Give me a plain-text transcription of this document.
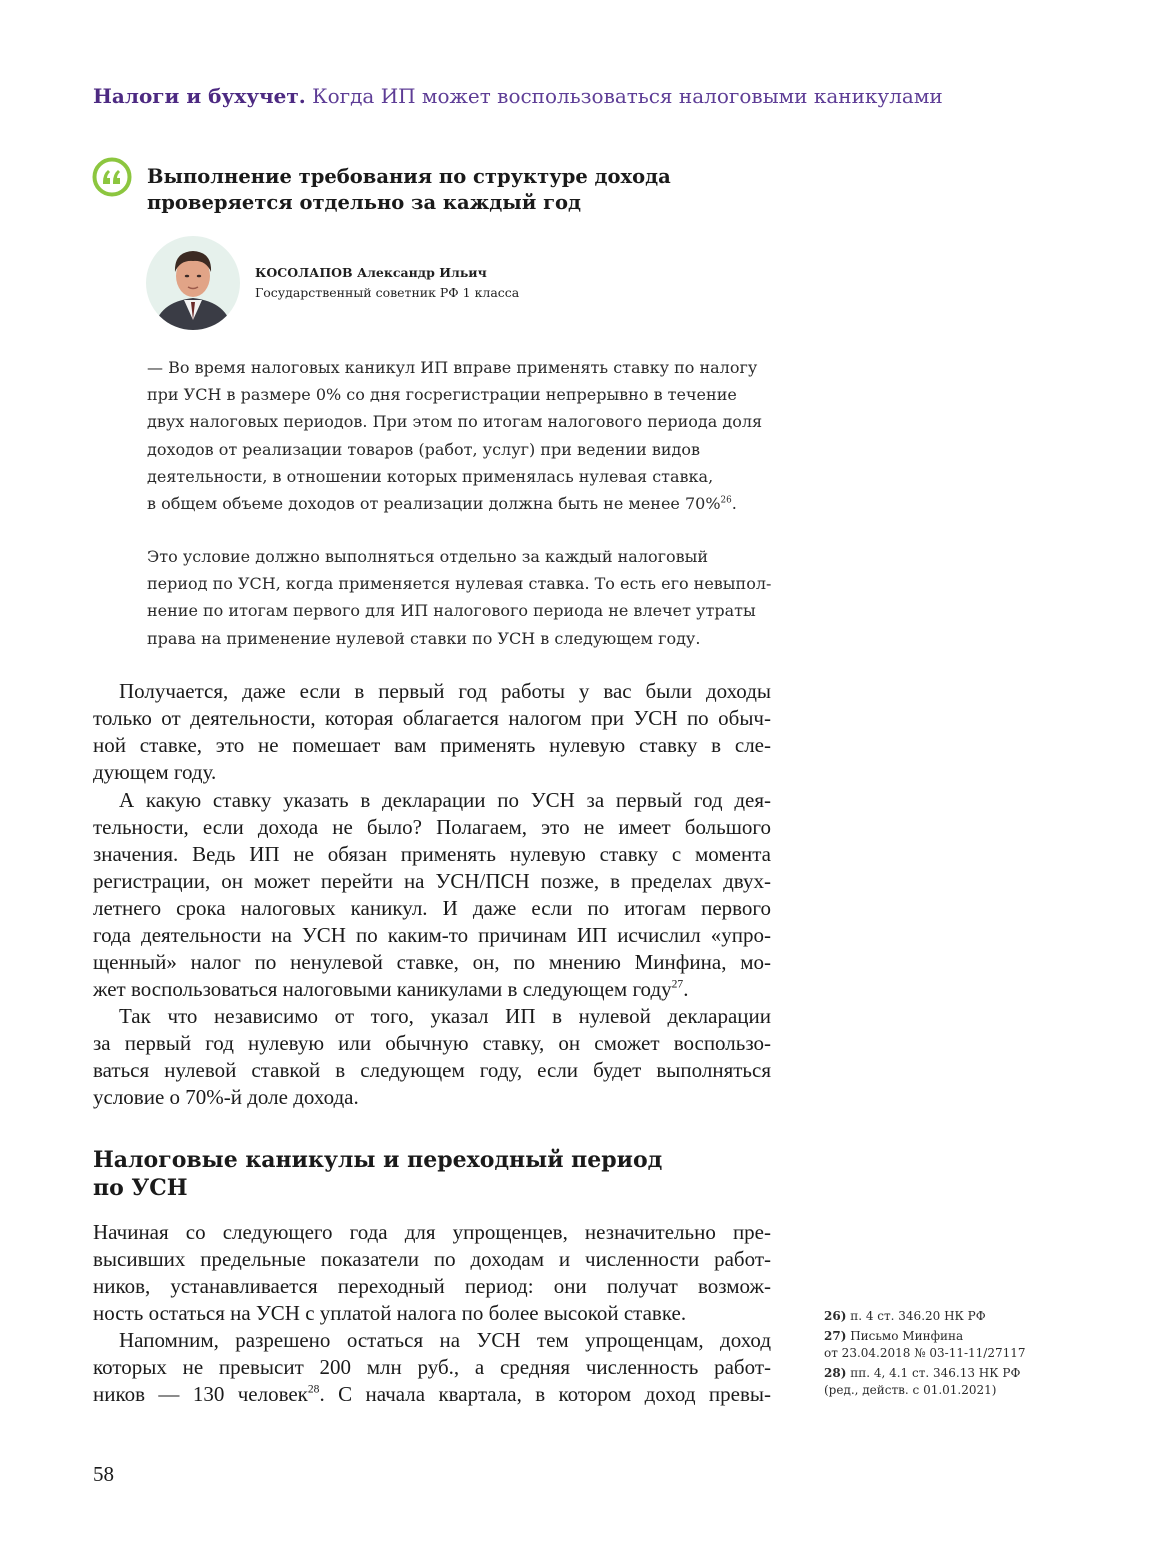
Налоги и бухучет. Когда ИП может воспользоваться налоговыми каникулами
Выполнение требования по структуре дохода
проверяется отдельно за каждый год
КОСОЛАПОВ Александр Ильич
Государственный советник РФ 1 класса
— Во время налоговых каникул ИП вправе применять ставку по налогу
при УСН в размере 0% со дня госрегистрации непрерывно в течение
двух налоговых периодов. При этом по итогам налогового периода доля
доходов от реализации товаров (работ, услуг) при ведении видов
деятельности, в отношении которых применялась нулевая ставка,
в общем объеме доходов от реализации должна быть не менее 70%$^{26}$.
Это условие должно выполняться отдельно за каждый налоговый
период по УСН, когда применяется нулевая ставка. То есть его невыпол-
нение по итогам первого для ИП налогового периода не влечет утраты
права на применение нулевой ставки по УСН в следующем году.
Получается, даже если в первый год работы у вас были доходы
только от деятельности, которая облагается налогом при УСН по обыч-
ной ставке, это не помешает вам применять нулевую ставку в сле-
дующем году.
А какую ставку указать в декларации по УСН за первый год дея-
тельности, если дохода не было? Полагаем, это не имеет большого
значения. Ведь ИП не обязан применять нулевую ставку с момента
регистрации, он может перейти на УСН/ПСН позже, в пределах двух-
летнего срока налоговых каникул. И даже если по итогам первого
года деятельности на УСН по каким-то причинам ИП исчислил «упро-
щенный» налог по ненулевой ставке, он, по мнению Минфина, мо-
жет воспользоваться налоговыми каникулами в следующем году$^{27}$.
Так что независимо от того, указал ИП в нулевой декларации
за первый год нулевую или обычную ставку, он сможет воспользо-
ваться нулевой ставкой в следующем году, если будет выполняться
условие о 70%-й доле дохода.
Налоговые каникулы и переходный период
по УСН
Начиная со следующего года для упрощенцев, незначительно пре-
высивших предельные показатели по доходам и численности работ-
ников, устанавливается переходный период: они получат возмож-
ность остаться на УСН с уплатой налога по более высокой ставке.
Напомним, разрешено остаться на УСН тем упрощенцам, доход
которых не превысит 200 млн руб., а средняя численность работ-
ников — 130 человек$^{28}$. С начала квартала, в котором доход превы-
26) п. 4 ст. 346.20 НК РФ
27) Письмо Минфина
от 23.04.2018 № 03-11-11/27117
28) пп. 4, 4.1 ст. 346.13 НК РФ
(ред., действ. с 01.01.2021)
58
